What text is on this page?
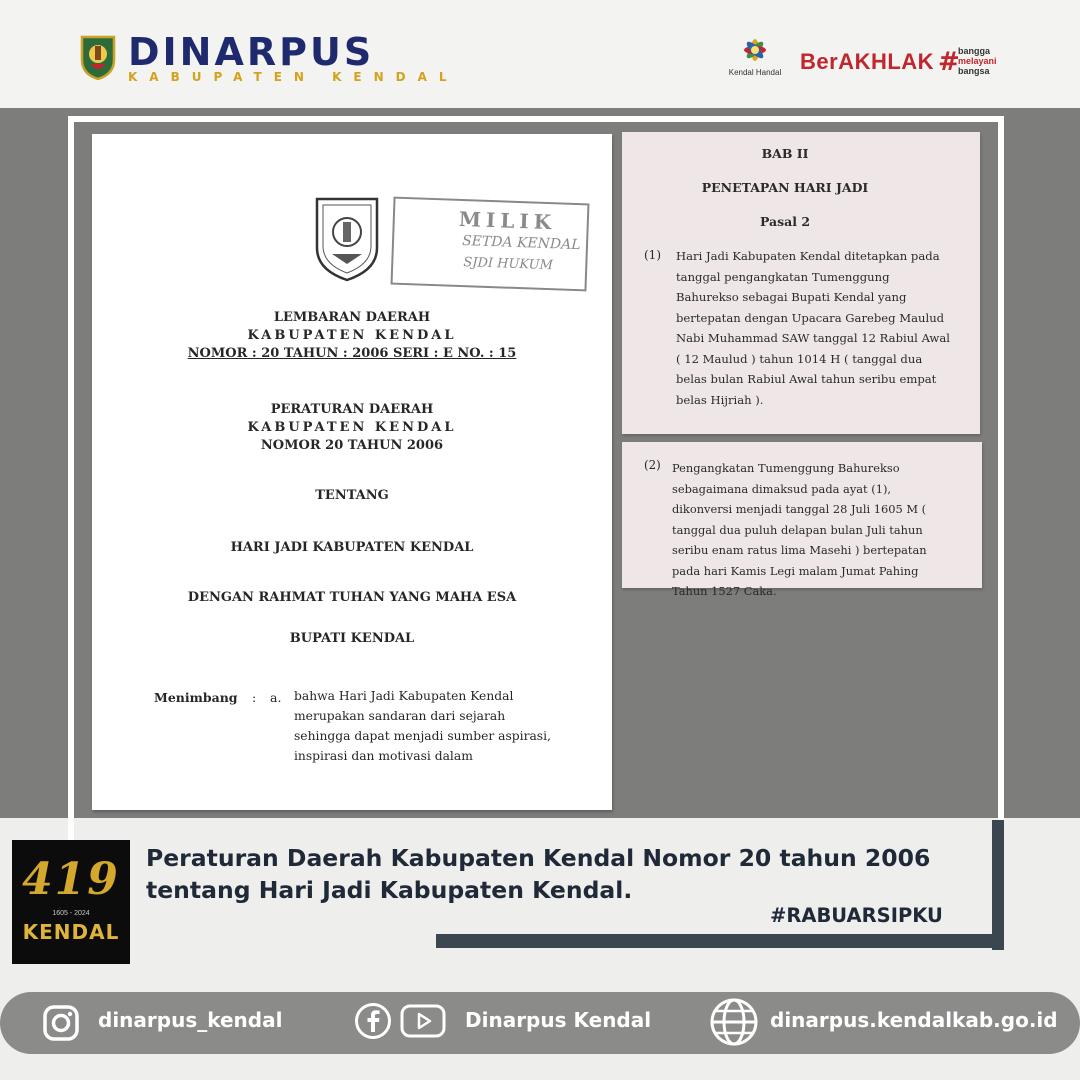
DINARPUS
KABUPATEN KENDAL	Kendal Handal BerAKHLAK #
bangga
melayani
bangsa
MILIK
SETDA KENDAL
SJDI HUKUM
LEMBARAN DAERAH
KABUPATEN KENDAL
NOMOR : 20 TAHUN : 2006 SERI : E NO. : 15
PERATURAN DAERAH
KABUPATEN KENDAL
NOMOR 20 TAHUN 2006
TENTANG
HARI JADI KABUPATEN KENDAL
DENGAN RAHMAT TUHAN YANG MAHA ESA
BUPATI KENDAL
Menimbang : a. bahwa Hari Jadi Kabupaten Kendal merupakan sandaran dari sejarah sehingga dapat menjadi sumber aspirasi, inspirasi dan motivasi dalam
BAB II
PENETAPAN HARI JADI
Pasal 2
(1) Hari Jadi Kabupaten Kendal ditetapkan pada tanggal pengangkatan Tumenggung Bahurekso sebagai Bupati Kendal yang bertepatan dengan Upacara Garebeg Maulud Nabi Muhammad SAW tanggal 12 Rabiul Awal ( 12 Maulud ) tahun 1014 H ( tanggal dua belas bulan Rabiul Awal tahun seribu empat belas Hijriah ).
(2) Pengangkatan Tumenggung Bahurekso sebagaimana dimaksud pada ayat (1), dikonversi menjadi tanggal 28 Juli 1605 M ( tanggal dua puluh delapan bulan Juli tahun seribu enam ratus lima Masehi ) bertepatan pada hari Kamis Legi malam Jumat Pahing Tahun 1527 Caka.
419
1605 - 2024
KENDAL
Peraturan Daerah Kabupaten Kendal Nomor 20 tahun 2006
tentang Hari Jadi Kabupaten Kendal.
#RABUARSIPKU
dinarpus_kendal	Dinarpus Kendal	dinarpus.kendalkab.go.id
